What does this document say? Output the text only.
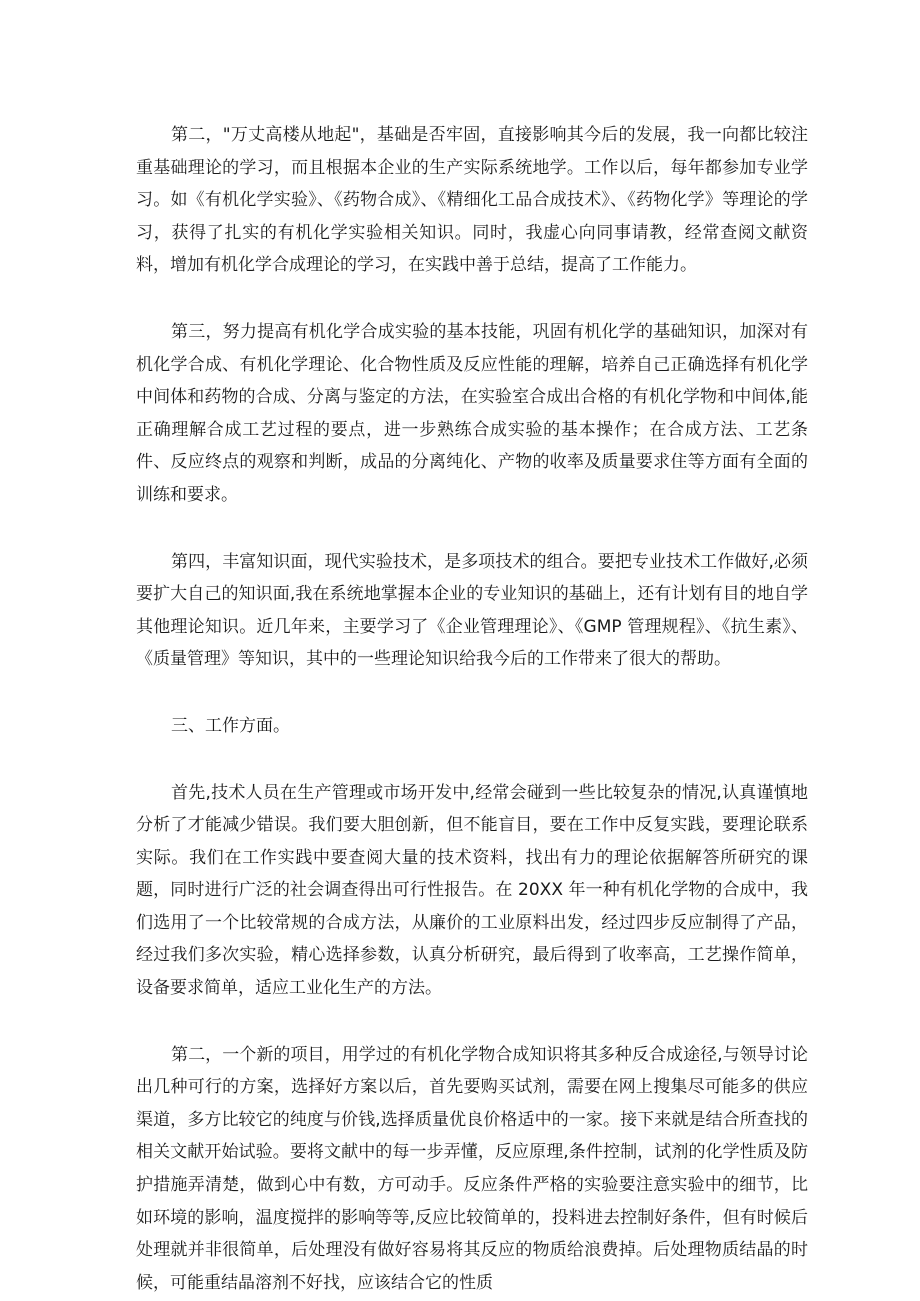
第二，"万丈高楼从地起"，基础是否牢固，直接影响其今后的发展，我一向都比较注重基础理论的学习，而且根据本企业的生产实际系统地学。工作以后，每年都参加专业学习。如《有机化学实验》、《药物合成》、《精细化工品合成技术》、《药物化学》等理论的学习，获得了扎实的有机化学实验相关知识。同时，我虚心向同事请教，经常查阅文献资料，增加有机化学合成理论的学习，在实践中善于总结，提高了工作能力。

第三，努力提高有机化学合成实验的基本技能，巩固有机化学的基础知识，加深对有机化学合成、有机化学理论、化合物性质及反应性能的理解，培养自己正确选择有机化学中间体和药物的合成、分离与鉴定的方法，在实验室合成出合格的有机化学物和中间体,能正确理解合成工艺过程的要点，进一步熟练合成实验的基本操作；在合成方法、工艺条件、反应终点的观察和判断，成品的分离纯化、产物的收率及质量要求住等方面有全面的训练和要求。

第四，丰富知识面，现代实验技术，是多项技术的组合。要把专业技术工作做好,必须要扩大自己的知识面,我在系统地掌握本企业的专业知识的基础上，还有计划有目的地自学其他理论知识。近几年来，主要学习了《企业管理理论》、《GMP 管理规程》、《抗生素》、《质量管理》等知识，其中的一些理论知识给我今后的工作带来了很大的帮助。

三、工作方面。

首先,技术人员在生产管理或市场开发中,经常会碰到一些比较复杂的情况,认真谨慎地分析了才能减少错误。我们要大胆创新，但不能盲目，要在工作中反复实践，要理论联系实际。我们在工作实践中要查阅大量的技术资料，找出有力的理论依据解答所研究的课题，同时进行广泛的社会调查得出可行性报告。在 20XX 年一种有机化学物的合成中，我们选用了一个比较常规的合成方法，从廉价的工业原料出发，经过四步反应制得了产品，经过我们多次实验，精心选择参数，认真分析研究，最后得到了收率高，工艺操作简单，设备要求简单，适应工业化生产的方法。

第二，一个新的项目，用学过的有机化学物合成知识将其多种反合成途径,与领导讨论出几种可行的方案，选择好方案以后，首先要购买试剂，需要在网上搜集尽可能多的供应渠道，多方比较它的纯度与价钱,选择质量优良价格适中的一家。接下来就是结合所查找的相关文献开始试验。要将文献中的每一步弄懂，反应原理,条件控制，试剂的化学性质及防护措施弄清楚，做到心中有数，方可动手。反应条件严格的实验要注意实验中的细节，比如环境的影响，温度搅拌的影响等等,反应比较简单的，投料进去控制好条件，但有时候后处理就并非很简单，后处理没有做好容易将其反应的物质给浪费掉。后处理物质结晶的时候，可能重结晶溶剂不好找，应该结合它的性质
